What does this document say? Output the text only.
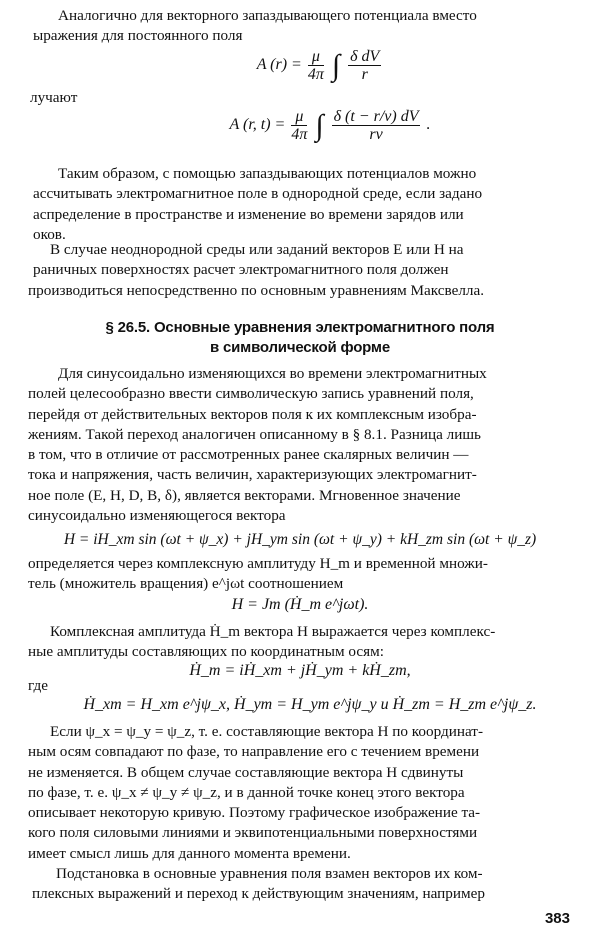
Аналогично для векторного запаздывающего потенциала вместо
ыражения для постоянного поля
A $(r) = \frac{\mu}{4\pi}$ ∫ $\frac{\text{δ dV}}{r}$
лучают
A (r, $t) = \frac{\mu}{4\pi}$ ∫ $\frac{\delta (t - r/v) dV}{rv}$ .
Таким образом, с помощью запаздывающих потенциалов можно
ассчитывать электромагнитное поле в однородной среде, если задано
аспределение в пространстве и изменение во времени зарядов или
оков.
В случае неоднородной среды или заданий векторов E или H на
раничных поверхностях расчет электромагнитного поля должен
производиться непосредственно по основным уравнениям Максвелла.
§ 26.5. Основные уравнения электромагнитного поля
в символической форме
Для синусоидально изменяющихся во времени электромагнитных
полей целесообразно ввести символическую запись уравнений поля,
перейдя от действительных векторов поля к их комплексным изобра-
жениям. Такой переход аналогичен описанному в § 8.1. Разница лишь
в том, что в отличие от рассмотренных ранее скалярных величин —
тока и напряжения, часть величин, характеризующих электромагнит-
ное поле (E, H, D, B, δ), является векторами. Мгновенное значение
синусоидально изменяющегося вектора
H = iH_xm sin (ωt + ψ_x) + jH_ym sin (ωt + ψ_y) + kH_zm sin (ωt + ψ_z)
определяется через комплексную амплитуду H_m и временной множи-
тель (множитель вращения) e^jωt соотношением
H = Jm (Ḣ_m e^jωt).
Комплексная амплитуда Ḣ_m вектора H выражается через комплекс-
ные амплитуды составляющих по координатным осям:
Ḣ_m = iḢ_xm + jḢ_ym + kḢ_zm,
где
Ḣ_xm = H_xm e^jψ_x, Ḣ_ym = H_ym e^jψ_y и Ḣ_zm = H_zm e^jψ_z.
Если ψ_x = ψ_y = ψ_z, т. е. составляющие вектора H по координат-
ным осям совпадают по фазе, то направление его с течением времени
не изменяется. В общем случае составляющие вектора H сдвинуты
по фазе, т. е. ψ_x ≠ ψ_y ≠ ψ_z, и в данной точке конец этого вектора
описывает некоторую кривую. Поэтому графическое изображение та-
кого поля силовыми линиями и эквипотенциальными поверхностями
имеет смысл лишь для данного момента времени.
Подстановка в основные уравнения поля взамен векторов их ком-
плексных выражений и переход к действующим значениям, например
383
